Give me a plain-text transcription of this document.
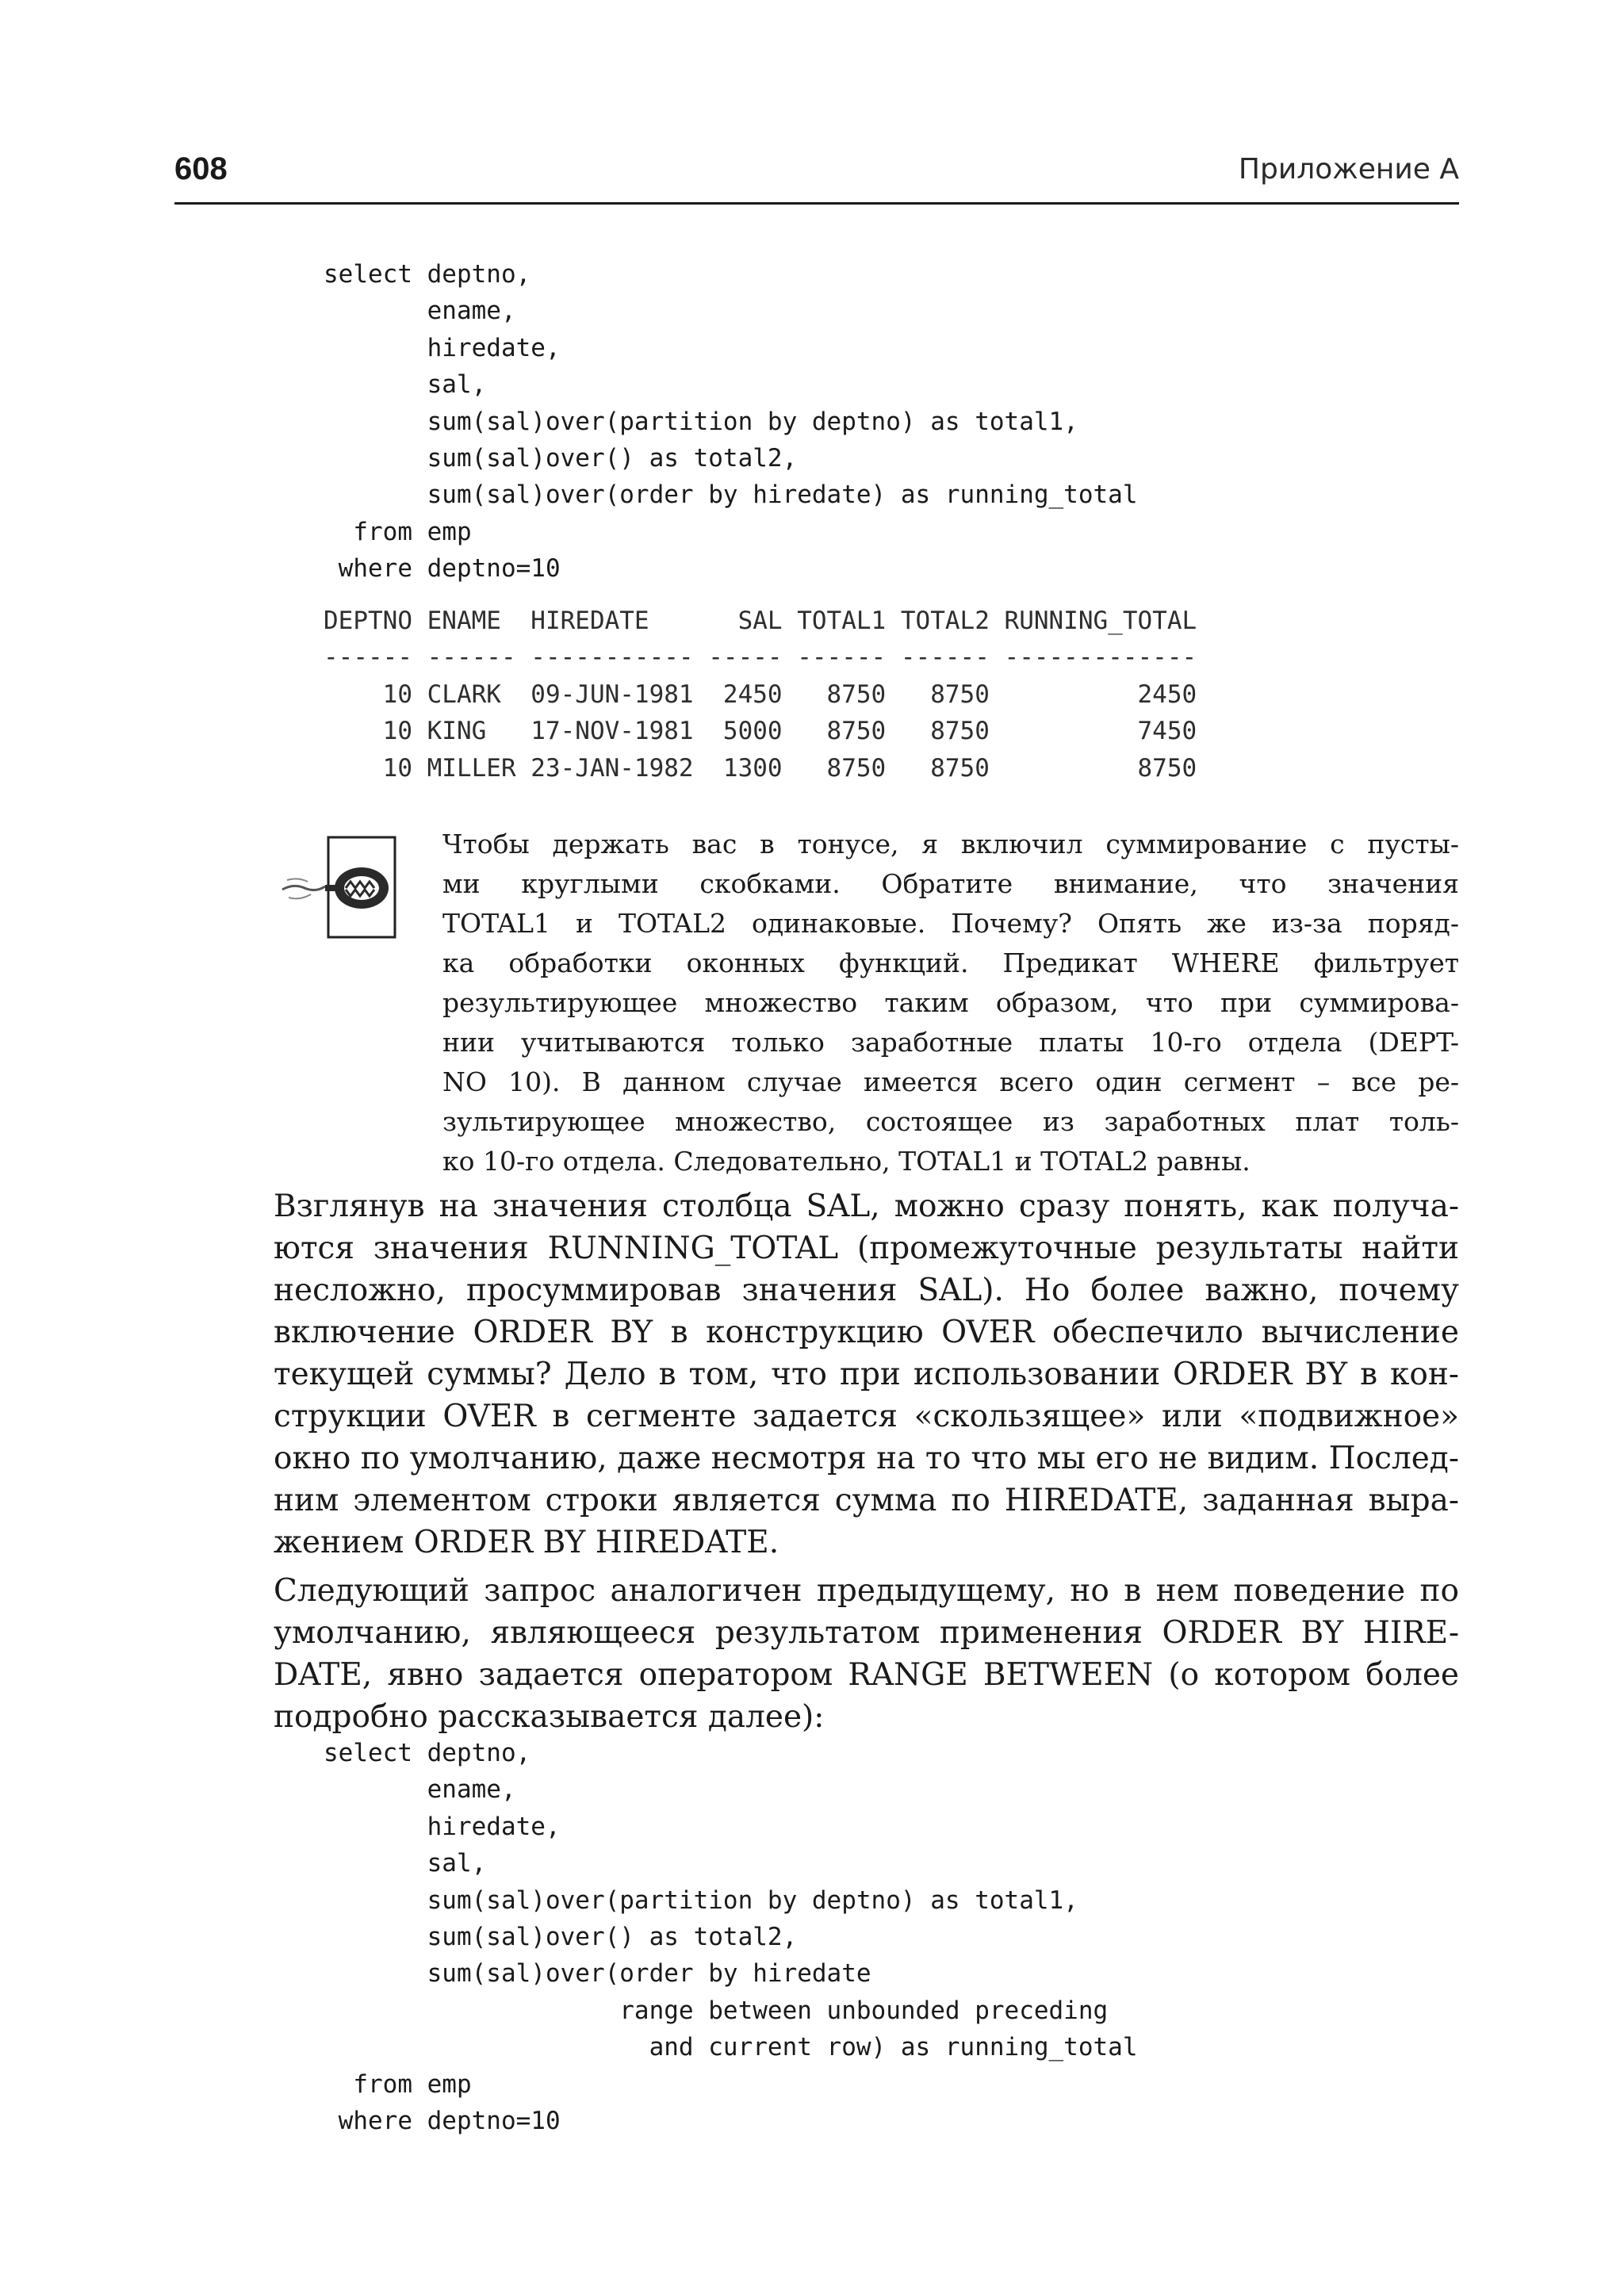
608	Приложение А
select deptno,
ename,
hiredate,
sal,
sum(sal)over(partition by deptno) as total1,
sum(sal)over() as total2,
sum(sal)over(order by hiredate) as running_total
from emp
where deptno=10
DEPTNO ENAME  HIREDATE      SAL TOTAL1 TOTAL2 RUNNING_TOTAL
------ ------ ----------- ----- ------ ------ -------------
10 CLARK  09-JUN-1981  2450   8750   8750          2450
10 KING   17-NOV-1981  5000   8750   8750          7450
10 MILLER 23-JAN-1982  1300   8750   8750          8750
Чтобы держать вас в тонусе, я включил суммирование с пусты-
ми круглыми скобками. Обратите внимание, что значения
TOTAL1 и TOTAL2 одинаковые. Почему? Опять же из-за поряд-
ка обработки оконных функций. Предикат WHERE фильтрует
результирующее множество таким образом, что при суммирова-
нии учитываются только заработные платы 10-го отдела (DEPT-
NO 10). В данном случае имеется всего один сегмент – все ре-
зультирующее множество, состоящее из заработных плат толь-
ко 10-го отдела. Следовательно, TOTAL1 и TOTAL2 равны.
Взглянув на значения столбца SAL, можно сразу понять, как получа-
ются значения RUNNING_TOTAL (промежуточные результаты найти
несложно, просуммировав значения SAL). Но более важно, почему
включение ORDER BY в конструкцию OVER обеспечило вычисление
текущей суммы? Дело в том, что при использовании ORDER BY в кон-
струкции OVER в сегменте задается «скользящее» или «подвижное»
окно по умолчанию, даже несмотря на то что мы его не видим. Послед-
ним элементом строки является сумма по HIREDATE, заданная выра-
жением ORDER BY HIREDATE.
Следующий запрос аналогичен предыдущему, но в нем поведение по
умолчанию, являющееся результатом применения ORDER BY HIRE-
DATE, явно задается оператором RANGE BETWEEN (о котором более
подробно рассказывается далее):
select deptno,
ename,
hiredate,
sal,
sum(sal)over(partition by deptno) as total1,
sum(sal)over() as total2,
sum(sal)over(order by hiredate
range between unbounded preceding
and current row) as running_total
from emp
where deptno=10
